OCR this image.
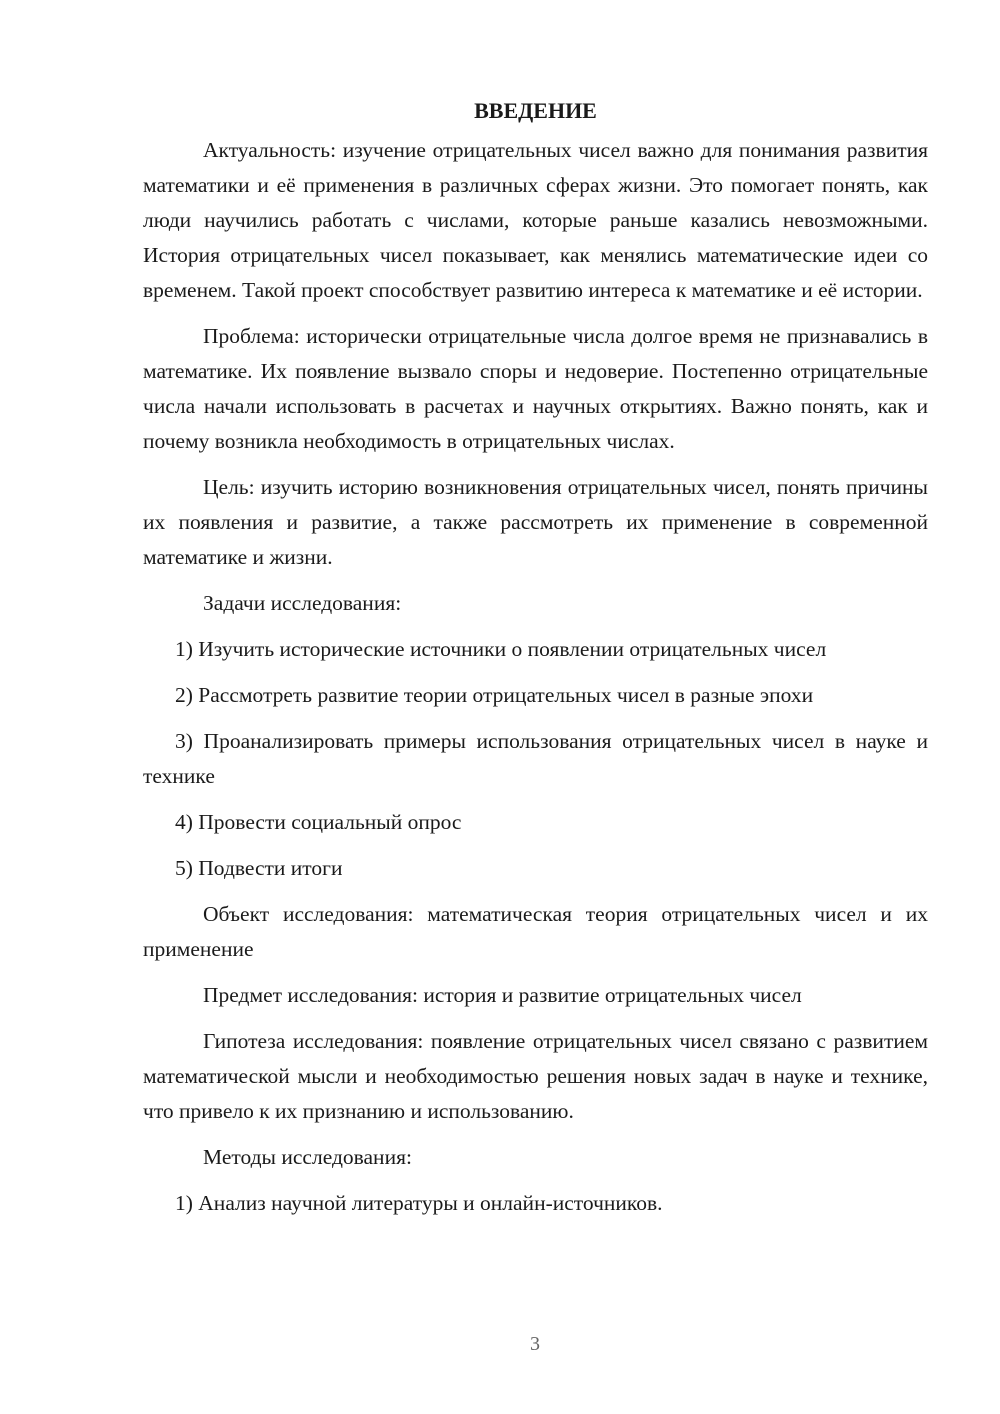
ВВЕДЕНИЕ

Актуальность: изучение отрицательных чисел важно для понимания развития математики и её применения в различных сферах жизни. Это помогает понять, как люди научились работать с числами, которые раньше казались невозможными. История отрицательных чисел показывает, как менялись математические идеи со временем. Такой проект способствует развитию интереса к математике и её истории.

Проблема: исторически отрицательные числа долгое время не признавались в математике. Их появление вызвало споры и недоверие. Постепенно отрицательные числа начали использовать в расчетах и научных открытиях. Важно понять, как и почему возникла необходимость в отрицательных числах.

Цель: изучить историю возникновения отрицательных чисел, понять причины их появления и развитие, а также рассмотреть их применение в современной математике и жизни.

Задачи исследования:

1) Изучить исторические источники о появлении отрицательных чисел

2) Рассмотреть развитие теории отрицательных чисел в разные эпохи

3) Проанализировать примеры использования отрицательных чисел в науке и технике

4) Провести социальный опрос

5) Подвести итоги

Объект исследования: математическая теория отрицательных чисел и их применение

Предмет исследования: история и развитие отрицательных чисел

Гипотеза исследования: появление отрицательных чисел связано с развитием математической мысли и необходимостью решения новых задач в науке и технике, что привело к их признанию и использованию.

Методы исследования:

1) Анализ научной литературы и онлайн-источников.

3
